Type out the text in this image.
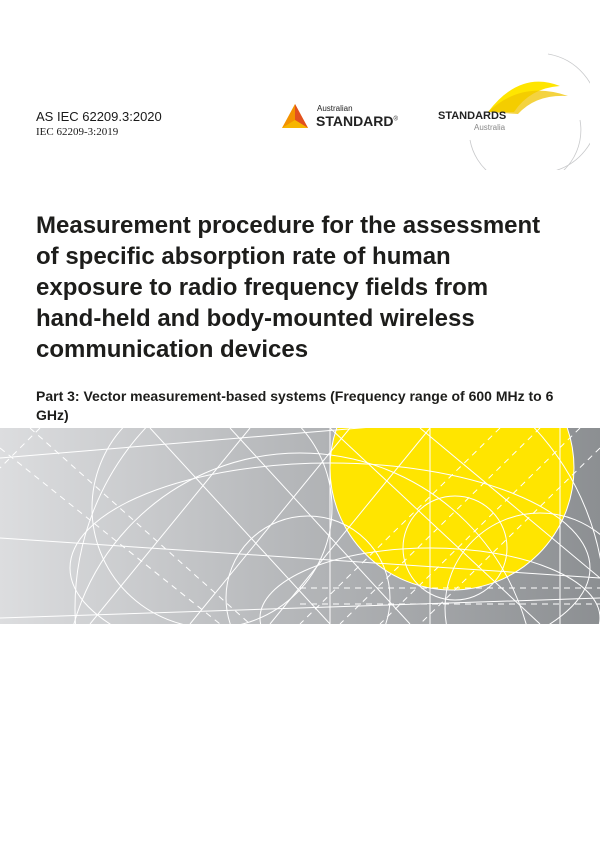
AS IEC 62209.3:2020
IEC 62209-3:2019
Australian
STANDARD®	STANDARDS
Australia
Measurement procedure for the assessment of specific absorption rate of human exposure to radio frequency fields from hand-held and body-mounted wireless communication devices

Part 3: Vector measurement-based systems (Frequency range of 600 MHz to 6 GHz)
